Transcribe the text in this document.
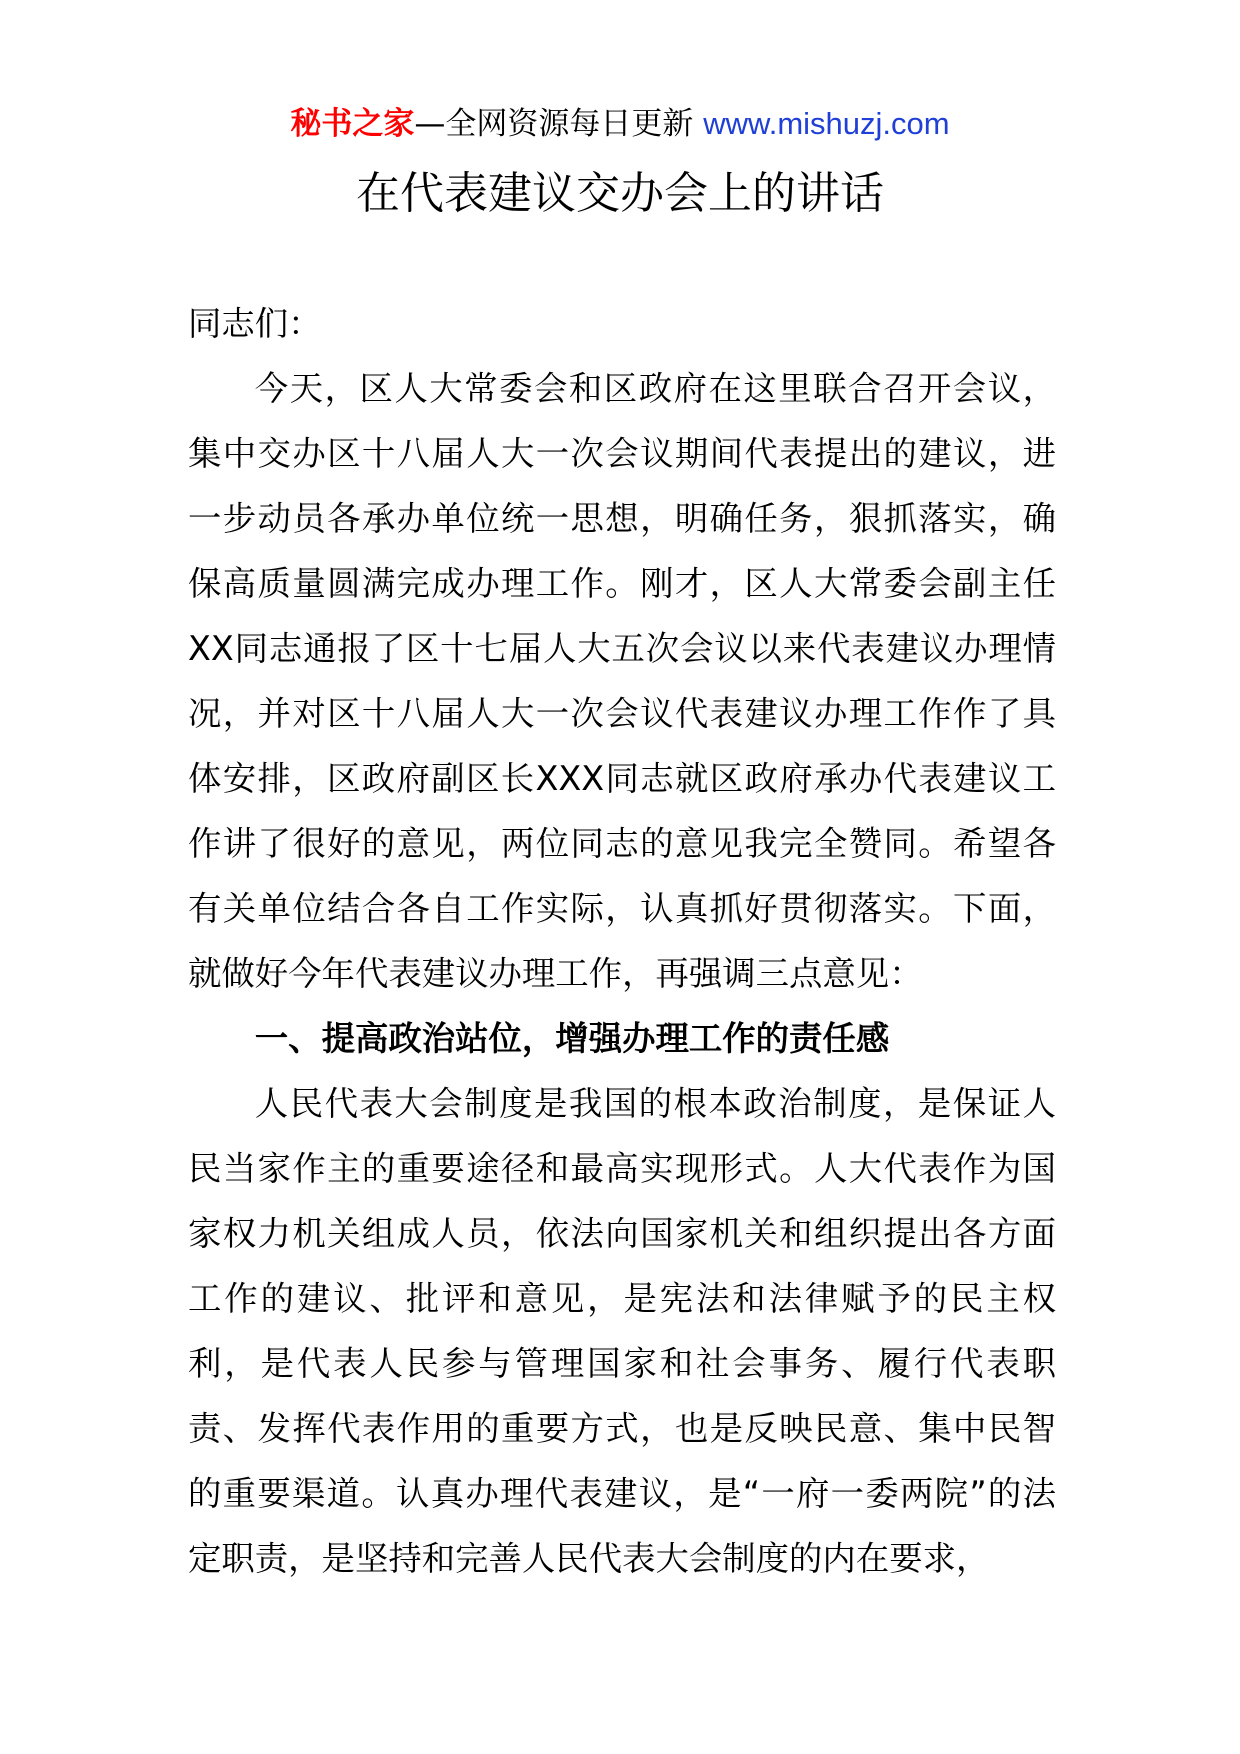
秘书之家—全网资源每日更新 www.mishuzj.com
在代表建议交办会上的讲话

同志们：

今天，区人大常委会和区政府在这里联合召开会议，集中交办区十八届人大一次会议期间代表提出的建议，进一步动员各承办单位统一思想，明确任务，狠抓落实，确保高质量圆满完成办理工作。刚才，区人大常委会副主任XX同志通报了区十七届人大五次会议以来代表建议办理情况，并对区十八届人大一次会议代表建议办理工作作了具体安排，区政府副区长XXX同志就区政府承办代表建议工作讲了很好的意见，两位同志的意见我完全赞同。希望各有关单位结合各自工作实际，认真抓好贯彻落实。下面，就做好今年代表建议办理工作，再强调三点意见：

一、提高政治站位，增强办理工作的责任感

人民代表大会制度是我国的根本政治制度，是保证人民当家作主的重要途径和最高实现形式。人大代表作为国家权力机关组成人员，依法向国家机关和组织提出各方面工作的建议、批评和意见，是宪法和法律赋予的民主权利，是代表人民参与管理国家和社会事务、履行代表职责、发挥代表作用的重要方式，也是反映民意、集中民智的重要渠道。认真办理代表建议，是“一府一委两院”的法定职责，是坚持和完善人民代表大会制度的内在要求，
